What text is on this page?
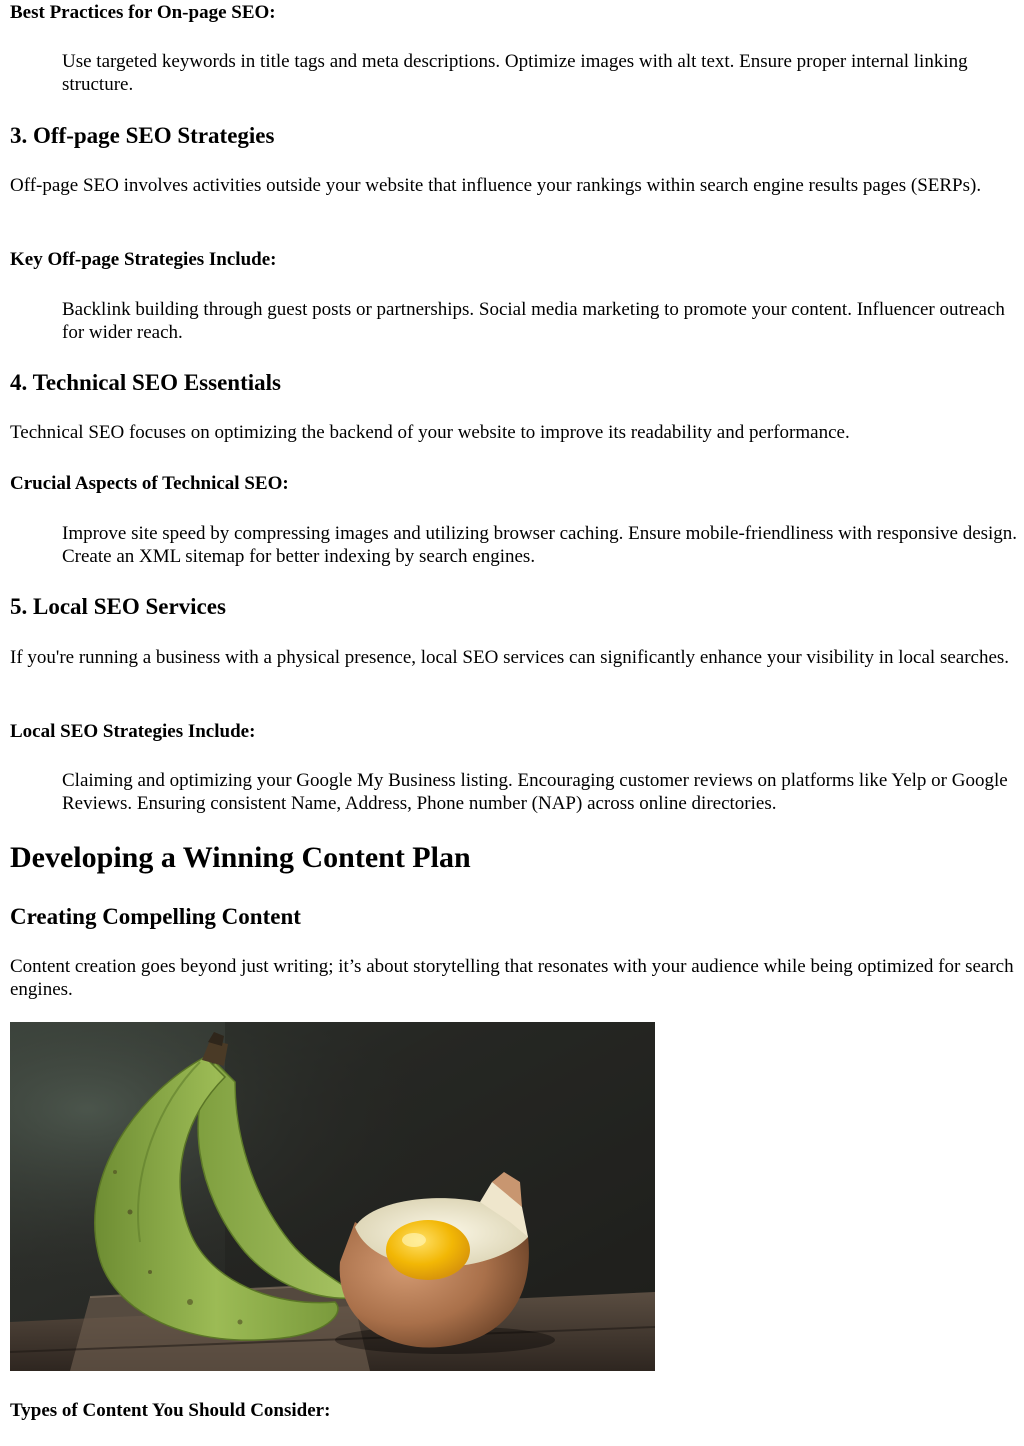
Best Practices for On-page SEO:
Use targeted keywords in title tags and meta descriptions. Optimize images with alt text. Ensure proper internal linking structure.
3. Off-page SEO Strategies

Off-page SEO involves activities outside your website that influence your rankings within search engine results pages (SERPs).

Key Off-page Strategies Include:
Backlink building through guest posts or partnerships. Social media marketing to promote your content. Influencer outreach for wider reach.
4. Technical SEO Essentials

Technical SEO focuses on optimizing the backend of your website to improve its readability and performance.

Crucial Aspects of Technical SEO:
Improve site speed by compressing images and utilizing browser caching. Ensure mobile-friendliness with responsive design. Create an XML sitemap for better indexing by search engines.
5. Local SEO Services

If you're running a business with a physical presence, local SEO services can significantly enhance your visibility in local searches.

Local SEO Strategies Include:
Claiming and optimizing your Google My Business listing. Encouraging customer reviews on platforms like Yelp or Google Reviews. Ensuring consistent Name, Address, Phone number (NAP) across online directories.
Developing a Winning Content Plan
Creating Compelling Content

Content creation goes beyond just writing; it’s about storytelling that resonates with your audience while being optimized for search engines.

Types of Content You Should Consider:
